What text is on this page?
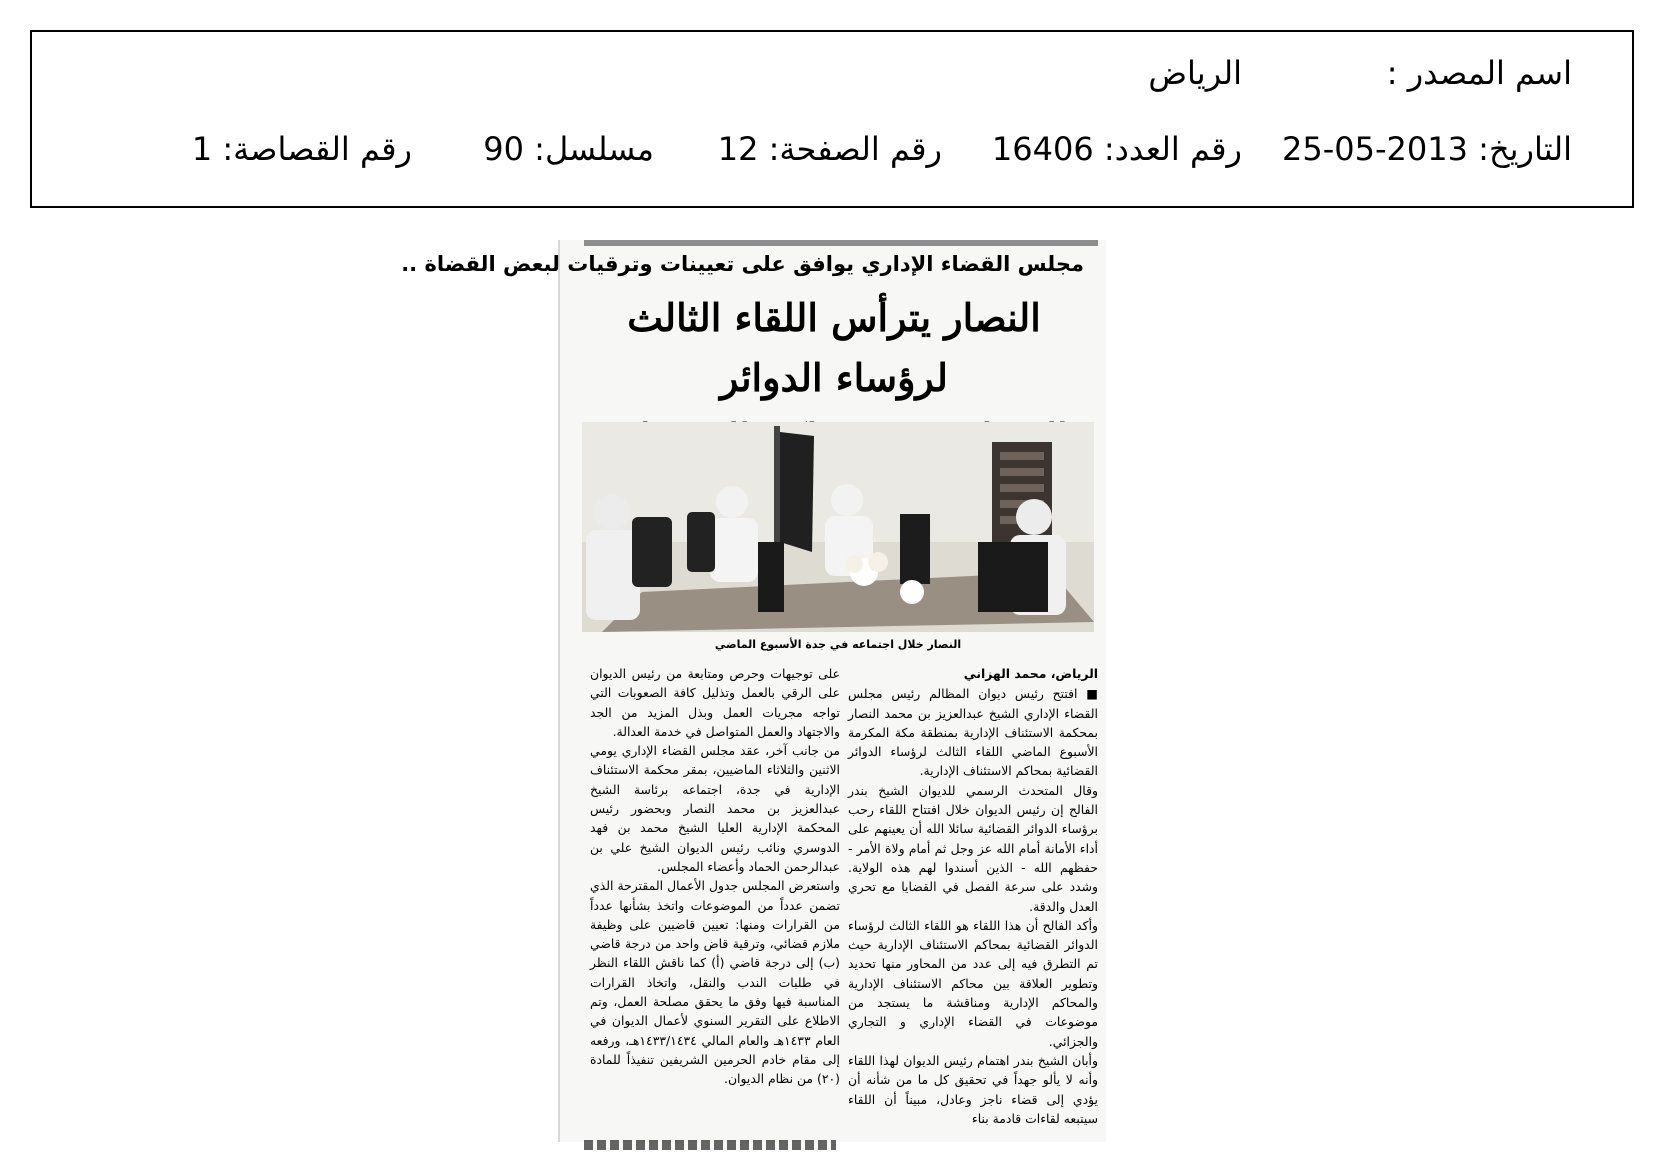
اسم المصدر :
الرياض
التاريخ: 2013-05-25
رقم العدد: 16406
رقم الصفحة: 12
مسلسل: 90
رقم القصاصة: 1
مجلس القضاء الإداري يوافق على تعيينات وترقيات لبعض القضاة ..
النصار يترأس اللقاء الثالث لرؤساء الدوائر
النصار خلال اجتماعه في جدة الأسبوع الماضي
الرياض، محمد الهزاني

■ افتتح رئيس ديوان المظالم رئيس مجلس القضاء الإداري الشيخ عبدالعزيز بن محمد النصار بمحكمة الاستئناف الإدارية بمنطقة مكة المكرمة الأسبوع الماضي اللقاء الثالث لرؤساء الدوائر القضائية بمحاكم الاستئناف الإدارية.

وقال المتحدث الرسمي للديوان الشيخ بندر الفالح إن رئيس الديوان خلال افتتاح اللقاء رحب برؤساء الدوائر القضائية سائلا الله أن يعينهم على أداء الأمانة أمام الله عز وجل ثم أمام ولاة الأمر - حفظهم الله - الذين أسندوا لهم هذه الولاية. وشدد على سرعة الفصل في القضايا مع تحري العدل والدقة.

وأكد الفالح أن هذا اللقاء هو اللقاء الثالث لرؤساء الدوائر القضائية بمحاكم الاستئناف الإدارية حيث تم التطرق فيه إلى عدد من المحاور منها تحديد وتطوير العلاقة بين محاكم الاستئناف الإدارية والمحاكم الإدارية ومناقشة ما يستجد من موضوعات في القضاء الإداري و التجاري والجزائي.

وأبان الشيخ بندر اهتمام رئيس الديوان لهذا اللقاء وأنه لا يألو جهداً في تحقيق كل ما من شأنه أن يؤدي إلى قضاء ناجز وعادل، مبيناً أن اللقاء سيتبعه لقاءات قادمة بناء

على توجيهات وحرص ومتابعة من رئيس الديوان على الرقي بالعمل وتذليل كافة الصعوبات التي تواجه مجريات العمل وبذل المزيد من الجد والاجتهاد والعمل المتواصل في خدمة العدالة.

من جانب آخر، عقد مجلس القضاء الإداري يومي الاثنين والثلاثاء الماضيين، بمقر محكمة الاستئناف الإدارية في جدة، اجتماعه برئاسة الشيخ عبدالعزيز بن محمد النصار وبحضور رئيس المحكمة الإدارية العليا الشيخ محمد بن فهد الدوسري ونائب رئيس الديوان الشيخ علي بن عبدالرحمن الحماد وأعضاء المجلس.

واستعرض المجلس جدول الأعمال المقترحة الذي تضمن عدداً من الموضوعات واتخذ بشأنها عدداً من القرارات ومنها: تعيين قاضيين على وظيفة ملازم قضائي، وترقية قاض واحد من درجة قاضي (ب) إلى درجة قاضي (أ) كما ناقش اللقاء النظر في طلبات الندب والنقل، واتخاذ القرارات المناسبة فيها وفق ما يحقق مصلحة العمل، وتم الاطلاع على التقرير السنوي لأعمال الديوان في العام ١٤٣٣هـ والعام المالي ١٤٣٣/١٤٣٤هـ، ورفعه إلى مقام خادم الحرمين الشريفين تنفيذاً للمادة (٢٠) من نظام الديوان.
